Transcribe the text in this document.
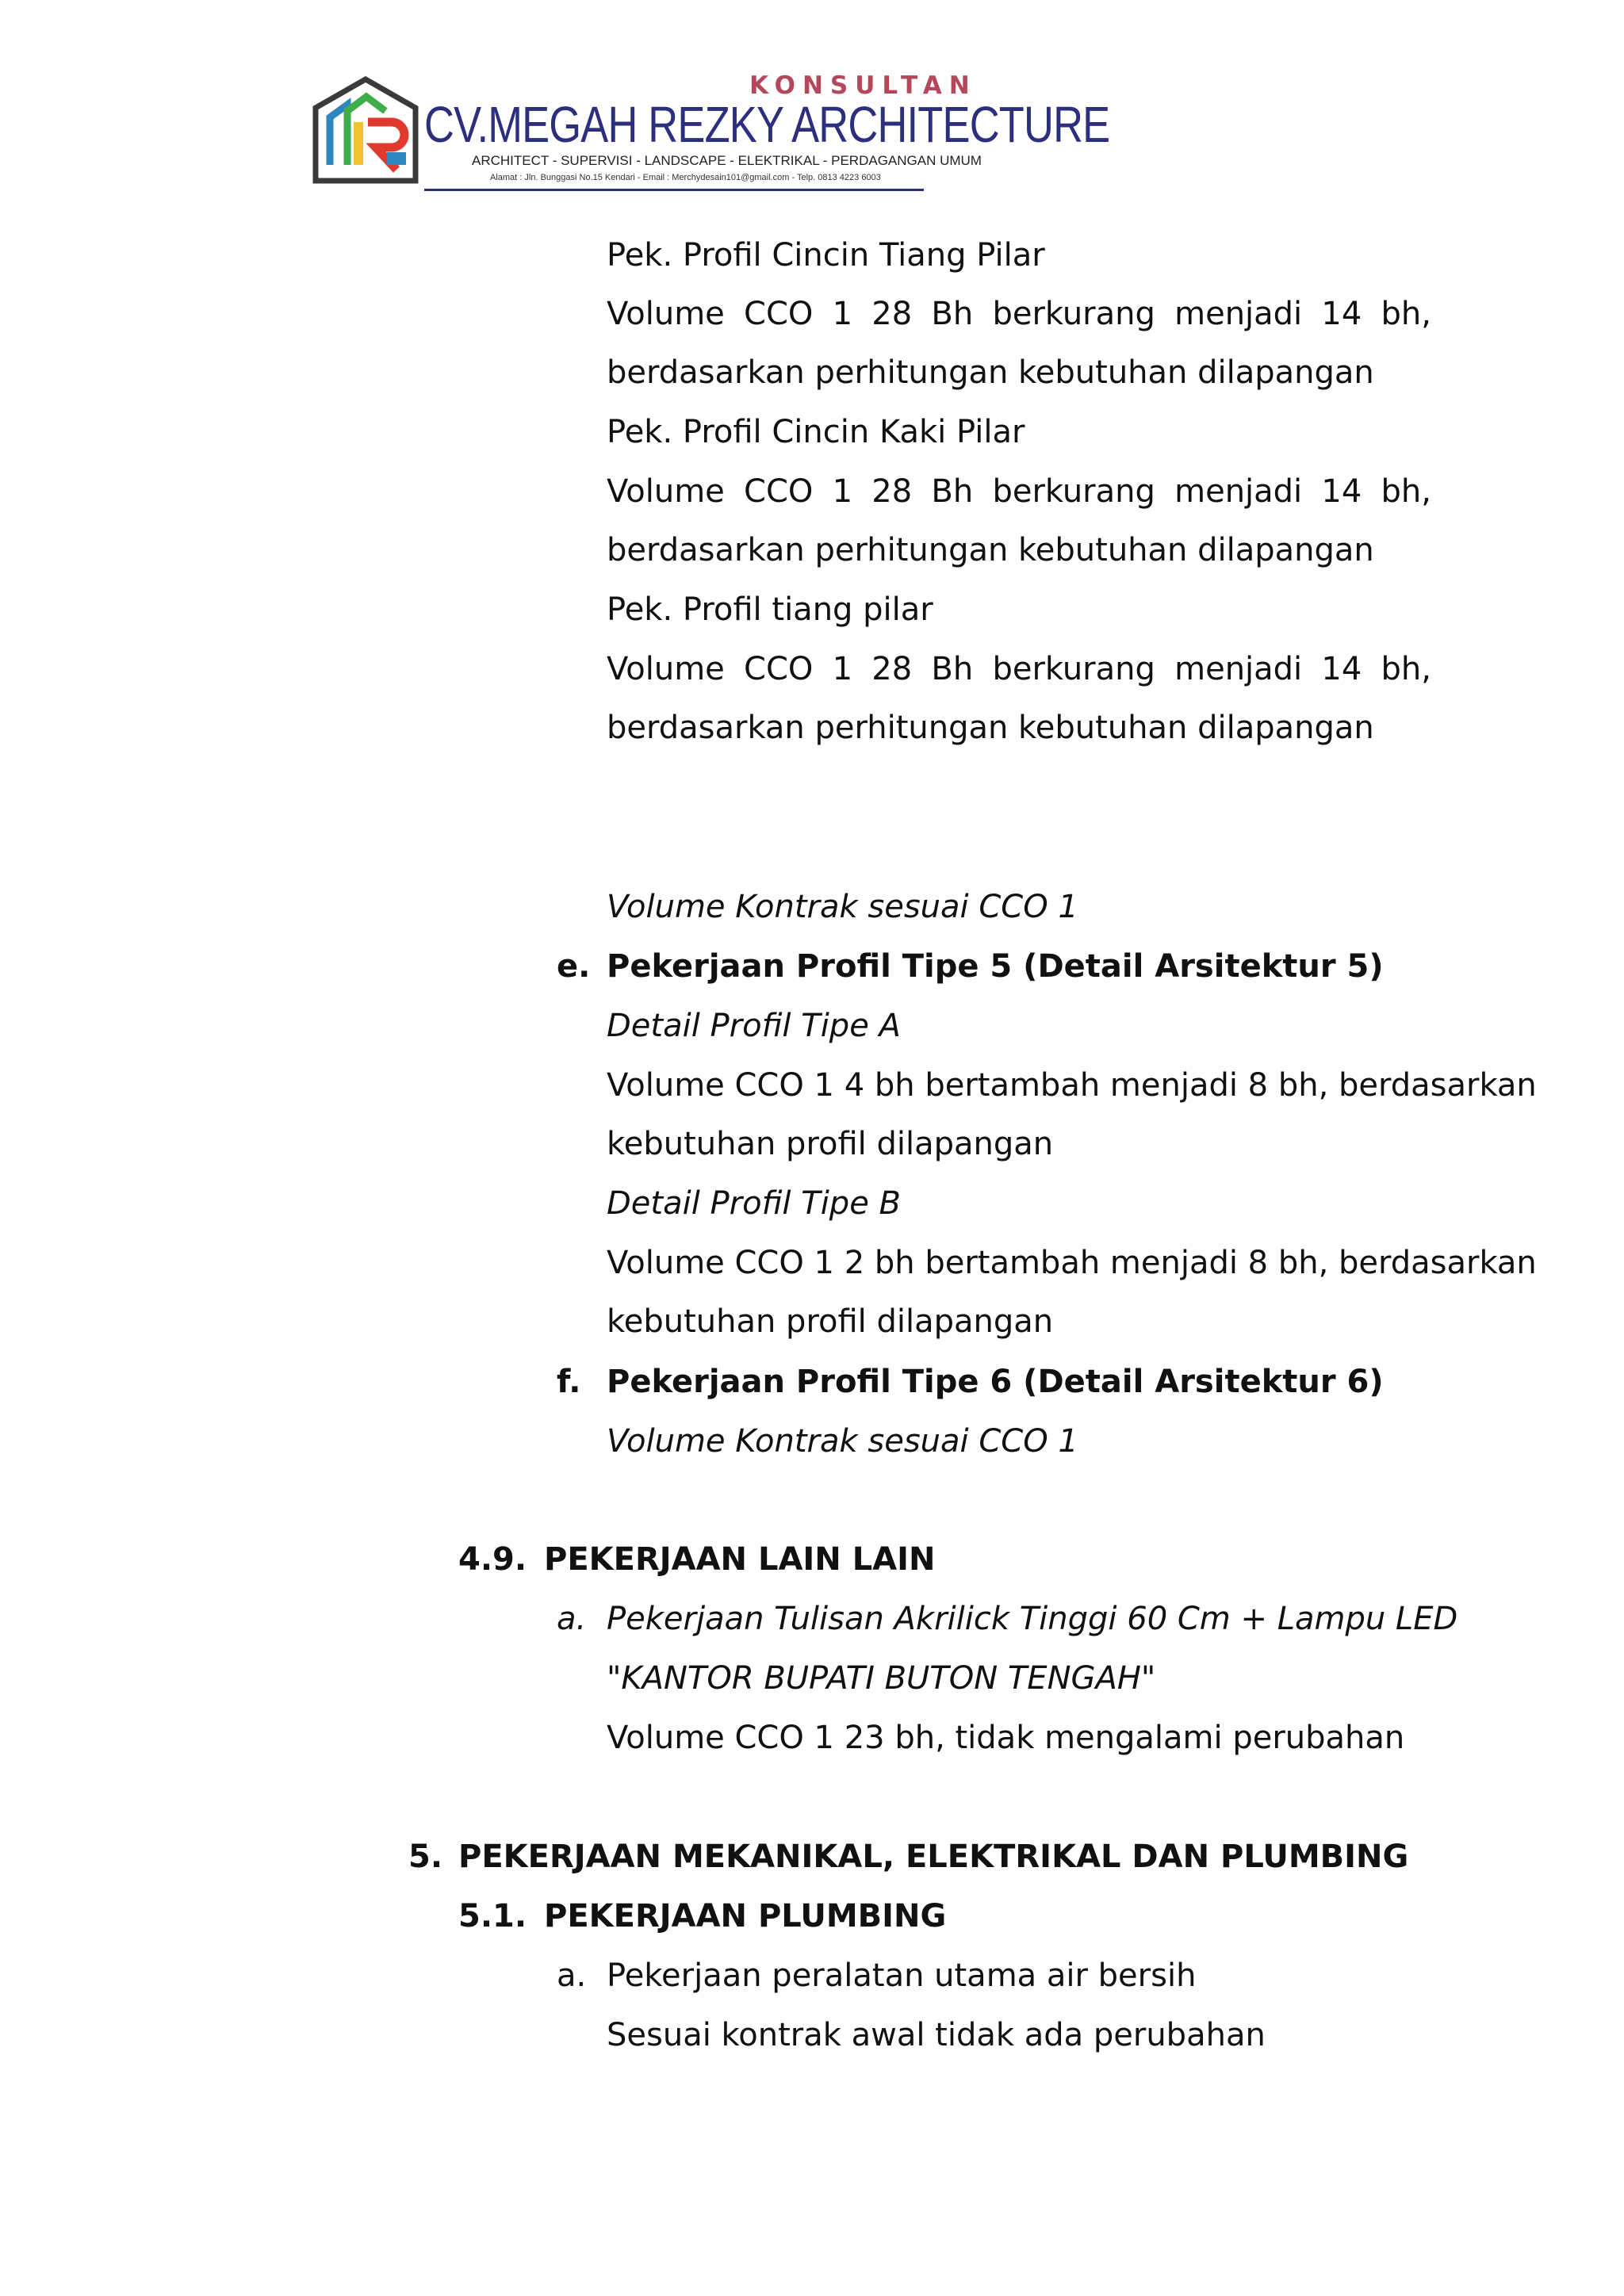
KONSULTAN
CV.MEGAH REZKY ARCHITECTURE
ARCHITECT - SUPERVISI - LANDSCAPE - ELEKTRIKAL - PERDAGANGAN UMUM
Alamat : Jln. Bunggasi No.15 Kendari - Email : Merchydesain101@gmail.com - Telp. 0813 4223 6003
Pek. Profil Cincin Tiang Pilar
Volume CCO 1 28 Bh berkurang menjadi 14 bh,
berdasarkan perhitungan kebutuhan dilapangan
Pek. Profil Cincin Kaki Pilar
Volume CCO 1 28 Bh berkurang menjadi 14 bh,
berdasarkan perhitungan kebutuhan dilapangan
Pek. Profil tiang pilar
Volume CCO 1 28 Bh berkurang menjadi 14 bh,
berdasarkan perhitungan kebutuhan dilapangan
Volume Kontrak sesuai CCO 1
e. Pekerjaan Profil Tipe 5 (Detail Arsitektur 5)
Detail Profil Tipe A
Volume CCO 1 4 bh bertambah menjadi 8 bh, berdasarkan
kebutuhan profil dilapangan
Detail Profil Tipe B
Volume CCO 1 2 bh bertambah menjadi 8 bh, berdasarkan
kebutuhan profil dilapangan
f. Pekerjaan Profil Tipe 6 (Detail Arsitektur 6)
Volume Kontrak sesuai CCO 1
4.9. PEKERJAAN LAIN LAIN
a. Pekerjaan Tulisan Akrilick Tinggi 60 Cm + Lampu LED
"KANTOR BUPATI BUTON TENGAH"
Volume CCO 1 23 bh, tidak mengalami perubahan
5. PEKERJAAN MEKANIKAL, ELEKTRIKAL DAN PLUMBING
5.1. PEKERJAAN PLUMBING
a. Pekerjaan peralatan utama air bersih
Sesuai kontrak awal tidak ada perubahan
